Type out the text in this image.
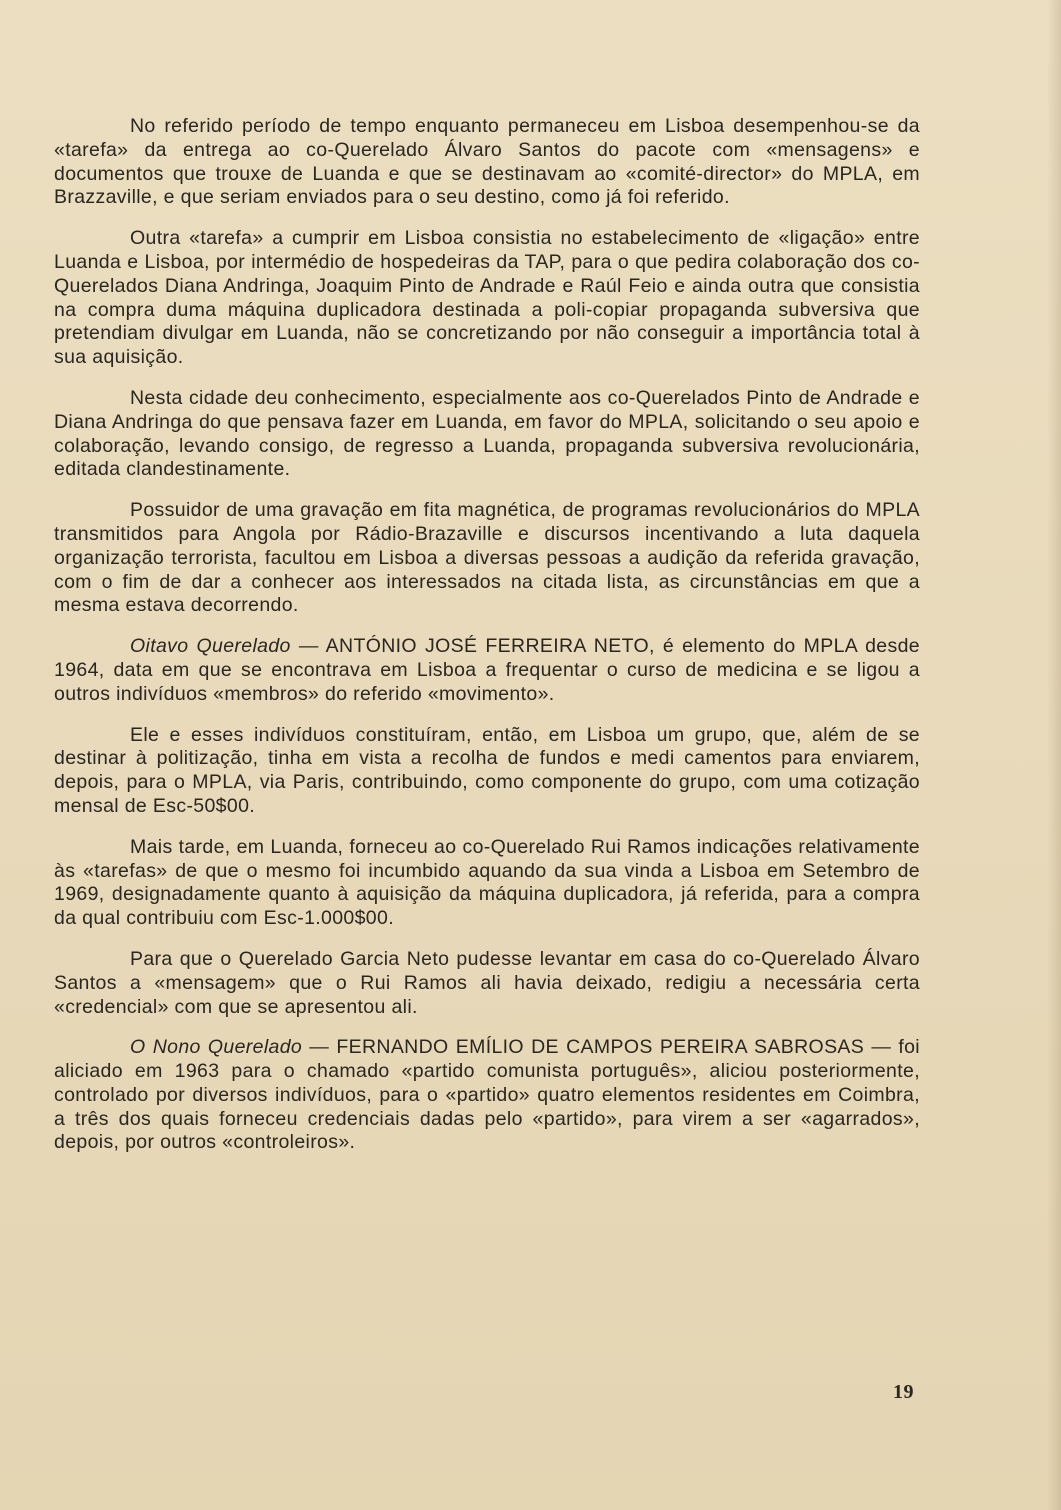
No referido período de tempo enquanto permaneceu em Lisboa desempenhou-se da «tarefa» da entrega ao co-Querelado Álvaro Santos do pacote com «mensagens» e documentos que trouxe de Luanda e que se destinavam ao «comité-director» do MPLA, em Brazzaville, e que seriam enviados para o seu destino, como já foi referido.

Outra «tarefa» a cumprir em Lisboa consistia no estabelecimento de «ligação» entre Luanda e Lisboa, por intermédio de hospedeiras da TAP, para o que pedira colaboração dos co-Querelados Diana Andringa, Joaquim Pinto de Andrade e Raúl Feio e ainda outra que consistia na compra duma máquina duplicadora destinada a poli-copiar propaganda subversiva que pretendiam divulgar em Luanda, não se concretizando por não conseguir a importância total à sua aquisição.

Nesta cidade deu conhecimento, especialmente aos co-Querelados Pinto de Andrade e Diana Andringa do que pensava fazer em Luanda, em favor do MPLA, solicitando o seu apoio e colaboração, levando consigo, de regresso a Luanda, propaganda subversiva revolucionária, editada clandestinamente.

Possuidor de uma gravação em fita magnética, de programas revolucionários do MPLA transmitidos para Angola por Rádio-Brazaville e discursos incentivando a luta daquela organização terrorista, facultou em Lisboa a diversas pessoas a audição da referida gravação, com o fim de dar a conhecer aos interessados na citada lista, as circunstâncias em que a mesma estava decorrendo.

Oitavo Querelado — ANTÓNIO JOSÉ FERREIRA NETO, é elemento do MPLA desde 1964, data em que se encontrava em Lisboa a frequentar o curso de medicina e se ligou a outros indivíduos «membros» do referido «movimento».

Ele e esses indivíduos constituíram, então, em Lisboa um grupo, que, além de se destinar à politização, tinha em vista a recolha de fundos e medi camentos para enviarem, depois, para o MPLA, via Paris, contribuindo, como componente do grupo, com uma cotização mensal de Esc-50$00.

Mais tarde, em Luanda, forneceu ao co-Querelado Rui Ramos indicações relativamente às «tarefas» de que o mesmo foi incumbido aquando da sua vinda a Lisboa em Setembro de 1969, designadamente quanto à aquisição da máquina duplicadora, já referida, para a compra da qual contribuiu com Esc-1.000$00.

Para que o Querelado Garcia Neto pudesse levantar em casa do co-Querelado Álvaro Santos a «mensagem» que o Rui Ramos ali havia deixado, redigiu a necessária certa «credencial» com que se apresentou ali.

O Nono Querelado — FERNANDO EMÍLIO DE CAMPOS PEREIRA SABROSAS — foi aliciado em 1963 para o chamado «partido comunista português», aliciou posteriormente, controlado por diversos indivíduos, para o «partido» quatro elementos residentes em Coimbra, a três dos quais forneceu credenciais dadas pelo «partido», para virem a ser «agarrados», depois, por outros «controleiros».

19
